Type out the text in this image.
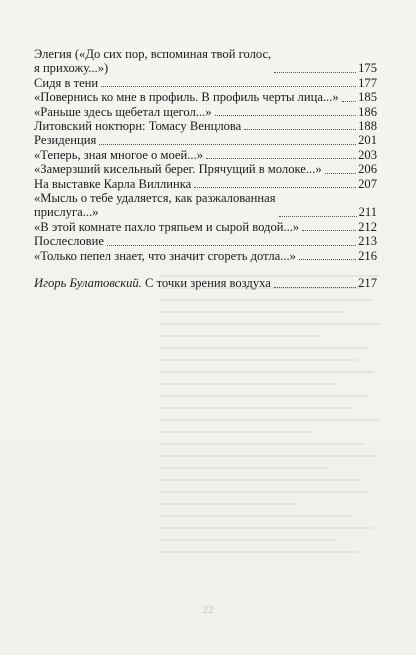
Элегия («До сих пор, вспоминая твой голос,
я прихожу...»)	175
Сидя в тени	177
«Повернись ко мне в профиль. В профиль черты лица...» 185
«Раньше здесь щебетал щегол...»	186
Литовский ноктюрн: Томасу Венцлова	188
Резиденция	201
«Теперь, зная многое о моей...»	203
«Замерзший кисельный берег. Прячущий в молоке...»	206
На выставке Карла Виллинка	207
«Мысль о тебе удаляется, как разжалованная
прислуга...»	211
«В этой комнате пахло тряпьем и сырой водой...»	212
Послесловие	213
«Только пепел знает, что значит сгореть дотла...»	216
Игорь Булатовский. С точки зрения воздуха	217
22
